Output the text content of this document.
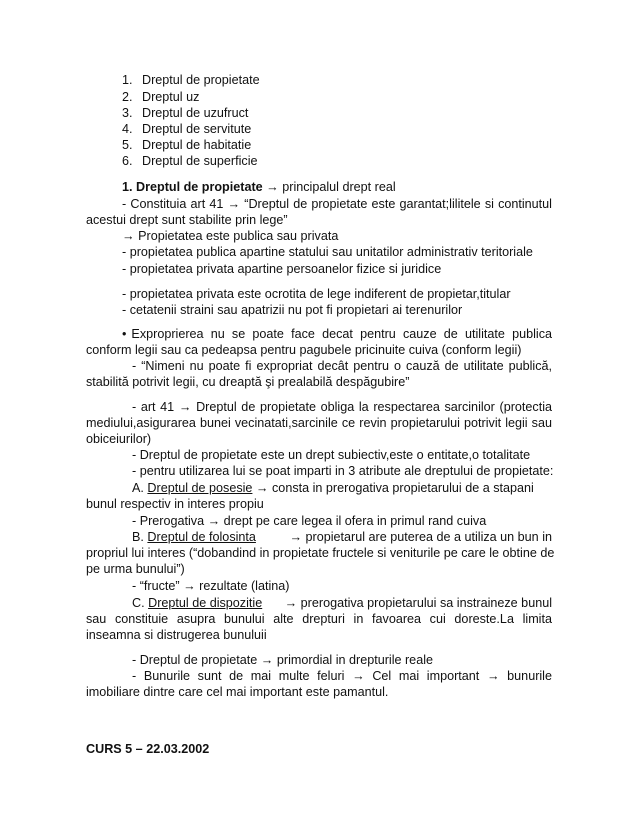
1. Dreptul de propietate
2. Dreptul uz
3. Dreptul de uzufruct
4. Dreptul de servitute
5. Dreptul de habitatie
6. Dreptul de superficie
1. Dreptul de propietate → principalul drept real
- Constituia art 41 → “Dreptul de propietate este garantat;lilitele si continutul
acestui drept sunt stabilite prin lege”
→ Propietatea este publica sau privata
- propietatea publica apartine statului sau unitatilor administrativ teritoriale
- propietatea privata apartine persoanelor fizice si juridice
- propietatea privata este ocrotita de lege indiferent de propietar,titular
- cetatenii straini sau apatrizii nu pot fi propietari ai terenurilor
• Exproprierea nu se poate face decat pentru cauze de utilitate publica
conform legii sau ca pedeapsa pentru pagubele pricinuite cuiva (conform legii)
- “Nimeni nu poate fi expropriat decât pentru o cauză de utilitate publică,
stabilită potrivit legii, cu dreaptă şi prealabilă despăgubire”
- art 41 → Dreptul de propietate obliga la respectarea sarcinilor (protectia
mediului,asigurarea bunei vecinatati,sarcinile ce revin propietarului potrivit legii sau
obiceiurilor)
- Dreptul de propietate este un drept subiectiv,este o entitate,o totalitate
- pentru utilizarea lui se poat imparti in 3 atribute ale dreptului de propietate:
A. Dreptul de posesie → consta in prerogativa propietarului de a stapani
bunul respectiv in interes propiu
- Prerogativa → drept pe care legea il ofera in primul rand cuiva
B. Dreptul de folosinta	→ propietarul are puterea de a utiliza un bun in
propriul lui interes (“dobandind in propietate fructele si veniturile pe care le obtine de
pe urma bunului”)
- “fructe” → rezultate (latina)
C. Dreptul de dispozitie → prerogativa propietarului sa instraineze bunul
sau constituie asupra bunului alte drepturi in favoarea cui doreste.La limita
inseamna si distrugerea bunuluii
- Dreptul de propietate → primordial in drepturile reale
- Bunurile sunt de mai multe feluri → Cel mai important → bunurile
imobiliare dintre care cel mai important este pamantul.
CURS 5 – 22.03.2002
